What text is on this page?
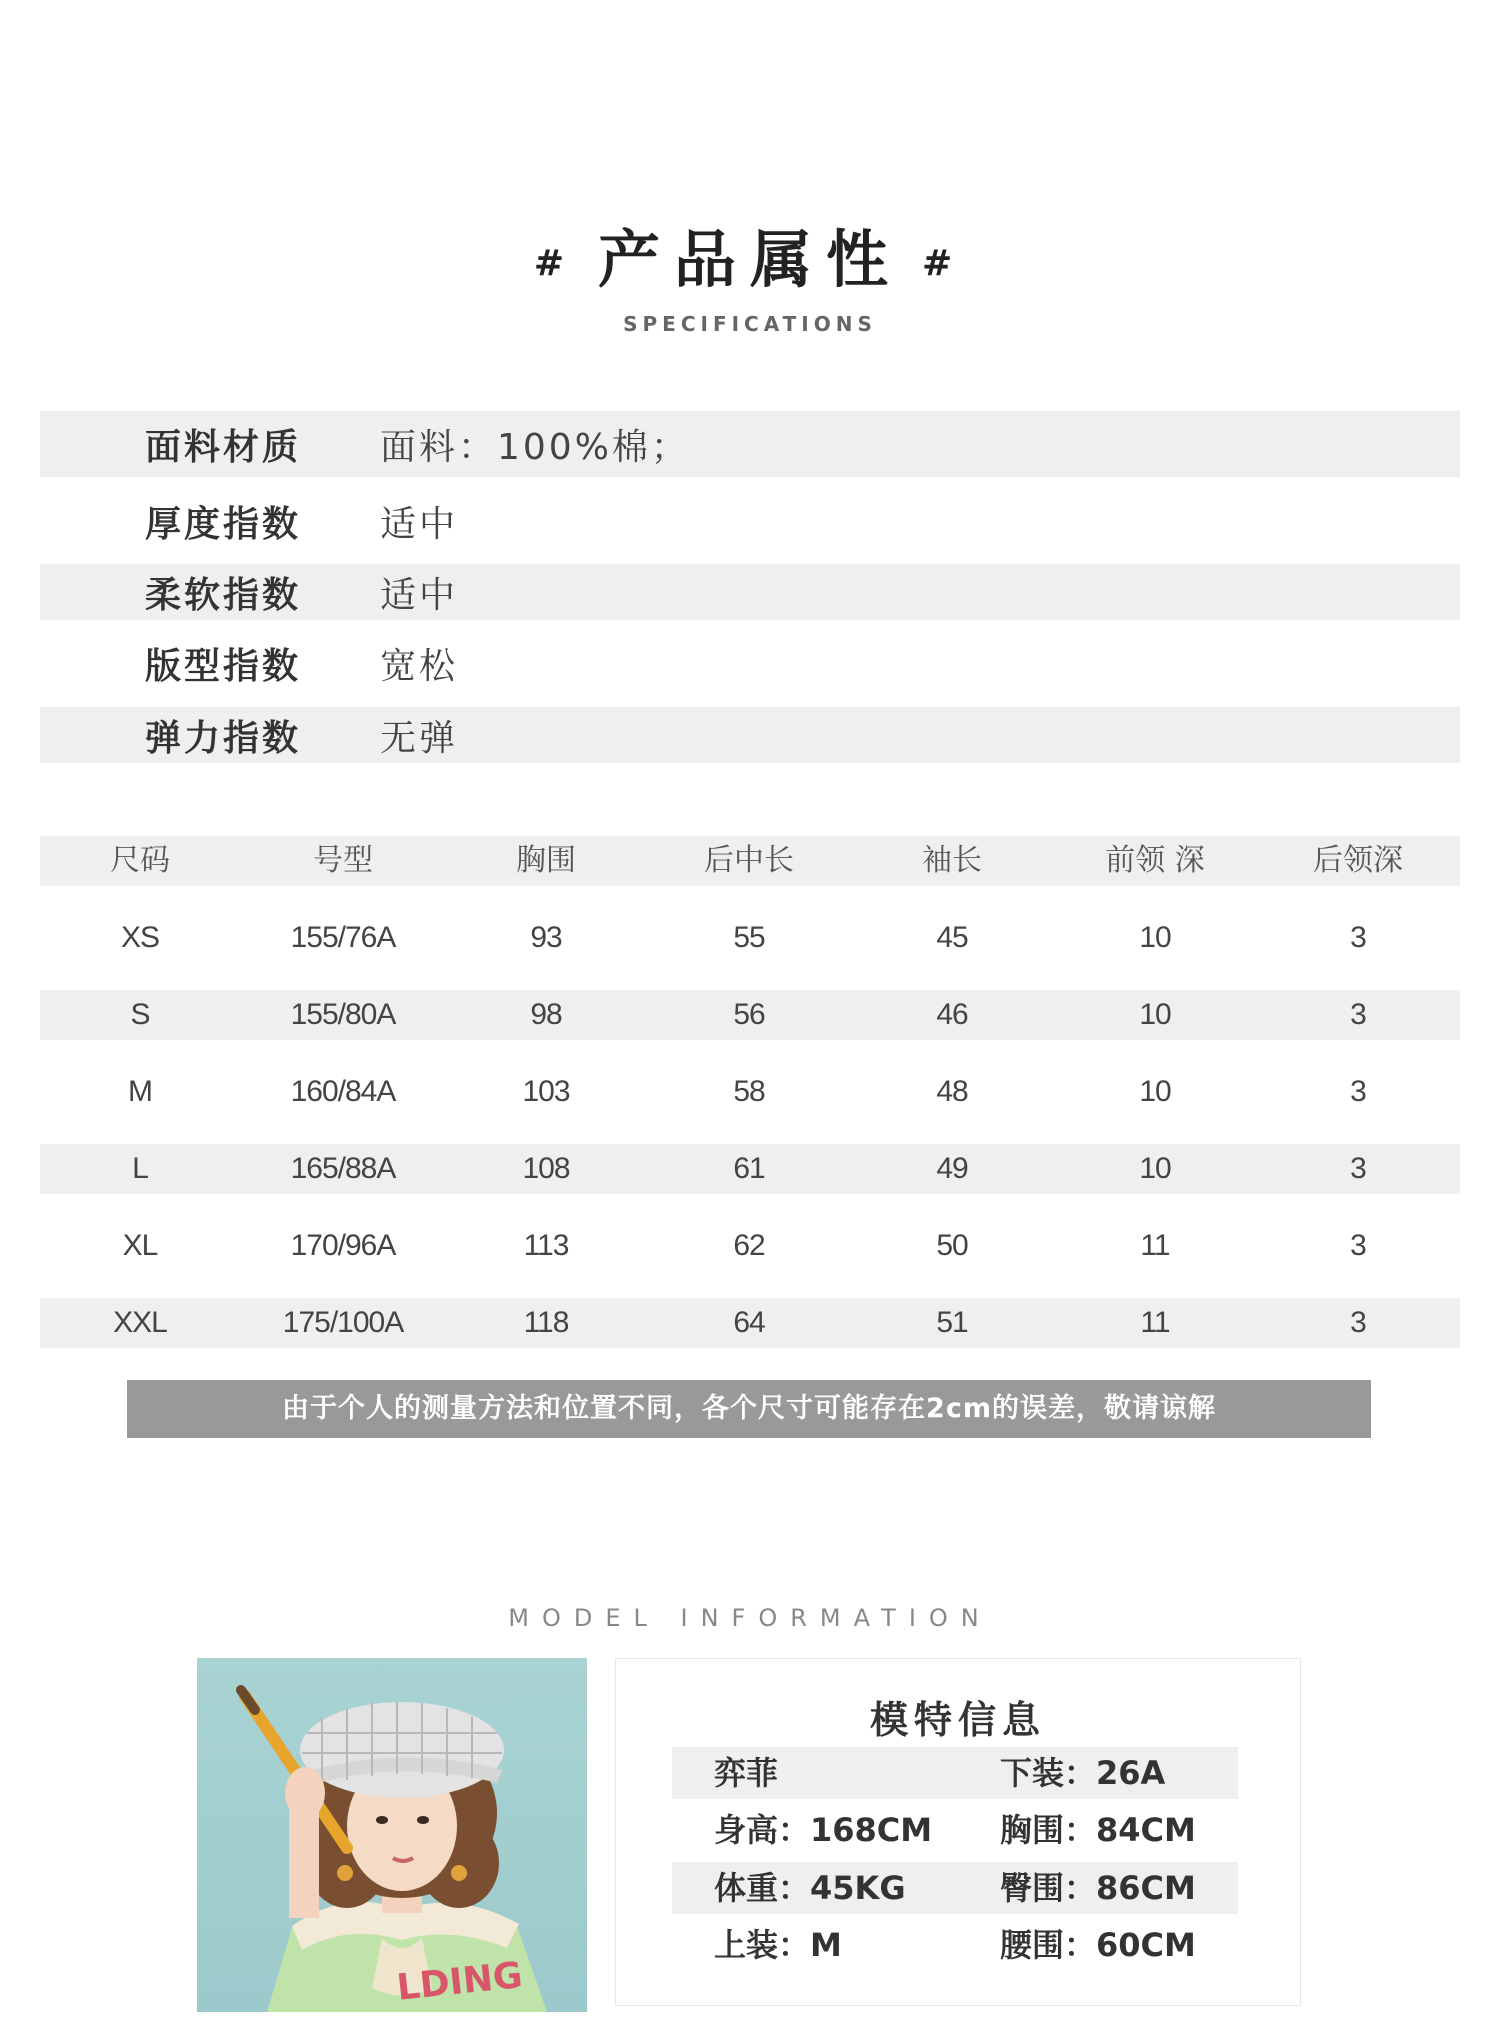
# 产品属性 #
SPECIFICATIONS
面料材质 面料：100%棉；
厚度指数 适中
柔软指数 适中
版型指数 宽松
弹力指数 无弹
尺码	号型	胸围	后中长	袖长	前领 深	后领深
XS	155/76A	93	55	45	10	3
S	155/80A	98	56	46	10	3
M	160/84A	103	58	48	10	3
L	165/88A	108	61	49	10	3
XL	170/96A	113	62	50	11	3
XXL	175/100A	118	64	51	11	3
由于个人的测量方法和位置不同，各个尺寸可能存在2cm的误差，敬请谅解
MODEL INFORMATION
LDING
模特信息
弈菲	下装：26A
身高：168CM 胸围：84CM
体重：45KG	臀围：86CM
上装：M	腰围：60CM
